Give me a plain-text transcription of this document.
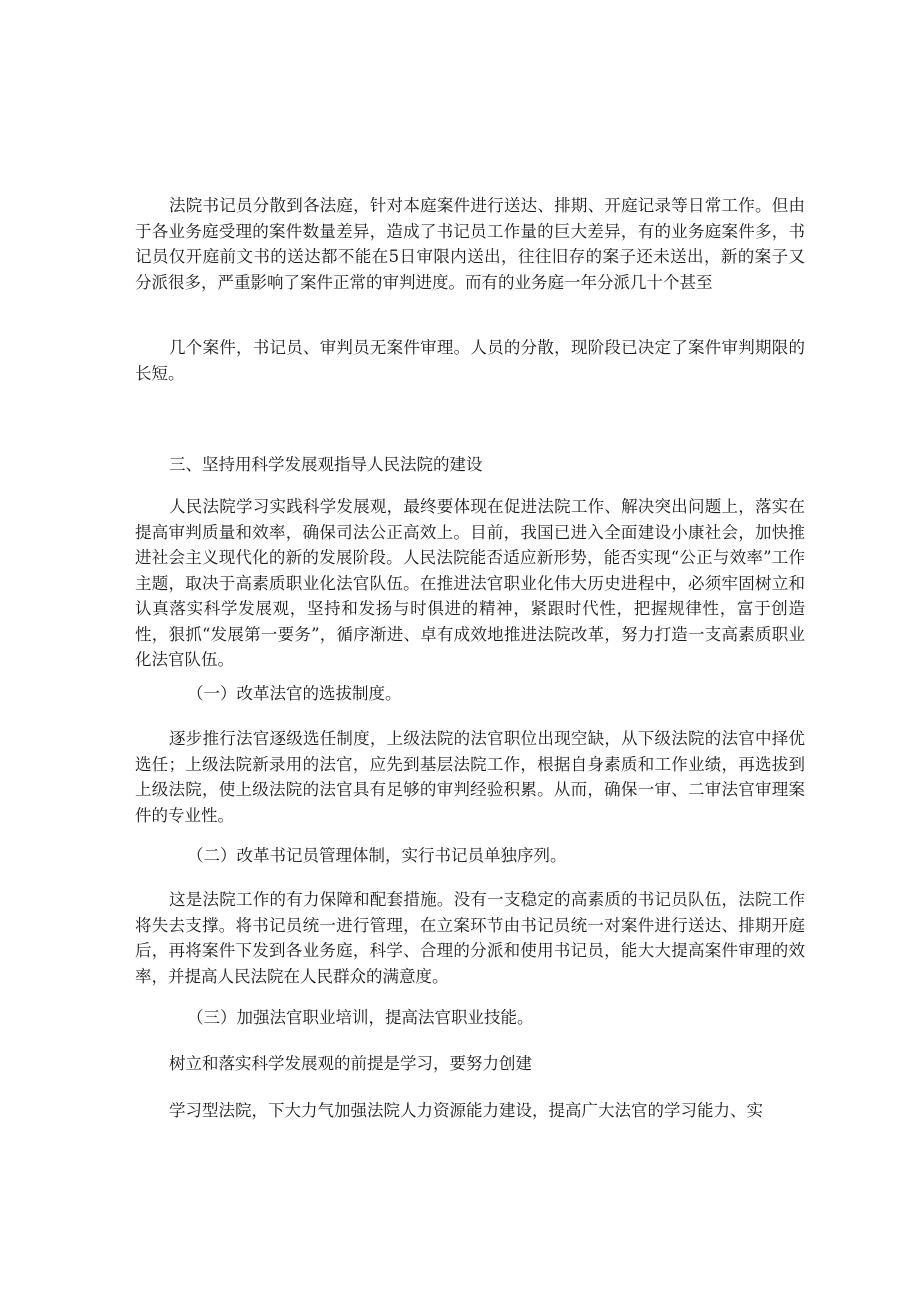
法院书记员分散到各法庭，针对本庭案件进行送达、排期、开庭记录等日常工作。但由于各业务庭受理的案件数量差异，造成了书记员工作量的巨大差异，有的业务庭案件多，书记员仅开庭前文书的送达都不能在5日审限内送出，往往旧存的案子还未送出，新的案子又分派很多，严重影响了案件正常的审判进度。而有的业务庭一年分派几十个甚至

几个案件，书记员、审判员无案件审理。人员的分散，现阶段已决定了案件审判期限的长短。

三、坚持用科学发展观指导人民法院的建设

人民法院学习实践科学发展观，最终要体现在促进法院工作、解决突出问题上，落实在提高审判质量和效率，确保司法公正高效上。目前，我国已进入全面建设小康社会，加快推进社会主义现代化的新的发展阶段。人民法院能否适应新形势，能否实现“公正与效率”工作主题，取决于高素质职业化法官队伍。在推进法官职业化伟大历史进程中，必须牢固树立和认真落实科学发展观，坚持和发扬与时俱进的精神，紧跟时代性，把握规律性，富于创造性，狠抓“发展第一要务”，循序渐进、卓有成效地推进法院改革，努力打造一支高素质职业化法官队伍。

（一）改革法官的选拔制度。

逐步推行法官逐级选任制度，上级法院的法官职位出现空缺，从下级法院的法官中择优选任；上级法院新录用的法官，应先到基层法院工作，根据自身素质和工作业绩，再选拔到上级法院，使上级法院的法官具有足够的审判经验积累。从而，确保一审、二审法官审理案件的专业性。

（二）改革书记员管理体制，实行书记员单独序列。

这是法院工作的有力保障和配套措施。没有一支稳定的高素质的书记员队伍，法院工作将失去支撑。将书记员统一进行管理，在立案环节由书记员统一对案件进行送达、排期开庭后，再将案件下发到各业务庭，科学、合理的分派和使用书记员，能大大提高案件审理的效率，并提高人民法院在人民群众的满意度。

（三）加强法官职业培训，提高法官职业技能。

树立和落实科学发展观的前提是学习，要努力创建

学习型法院，下大力气加强法院人力资源能力建设，提高广大法官的学习能力、实
